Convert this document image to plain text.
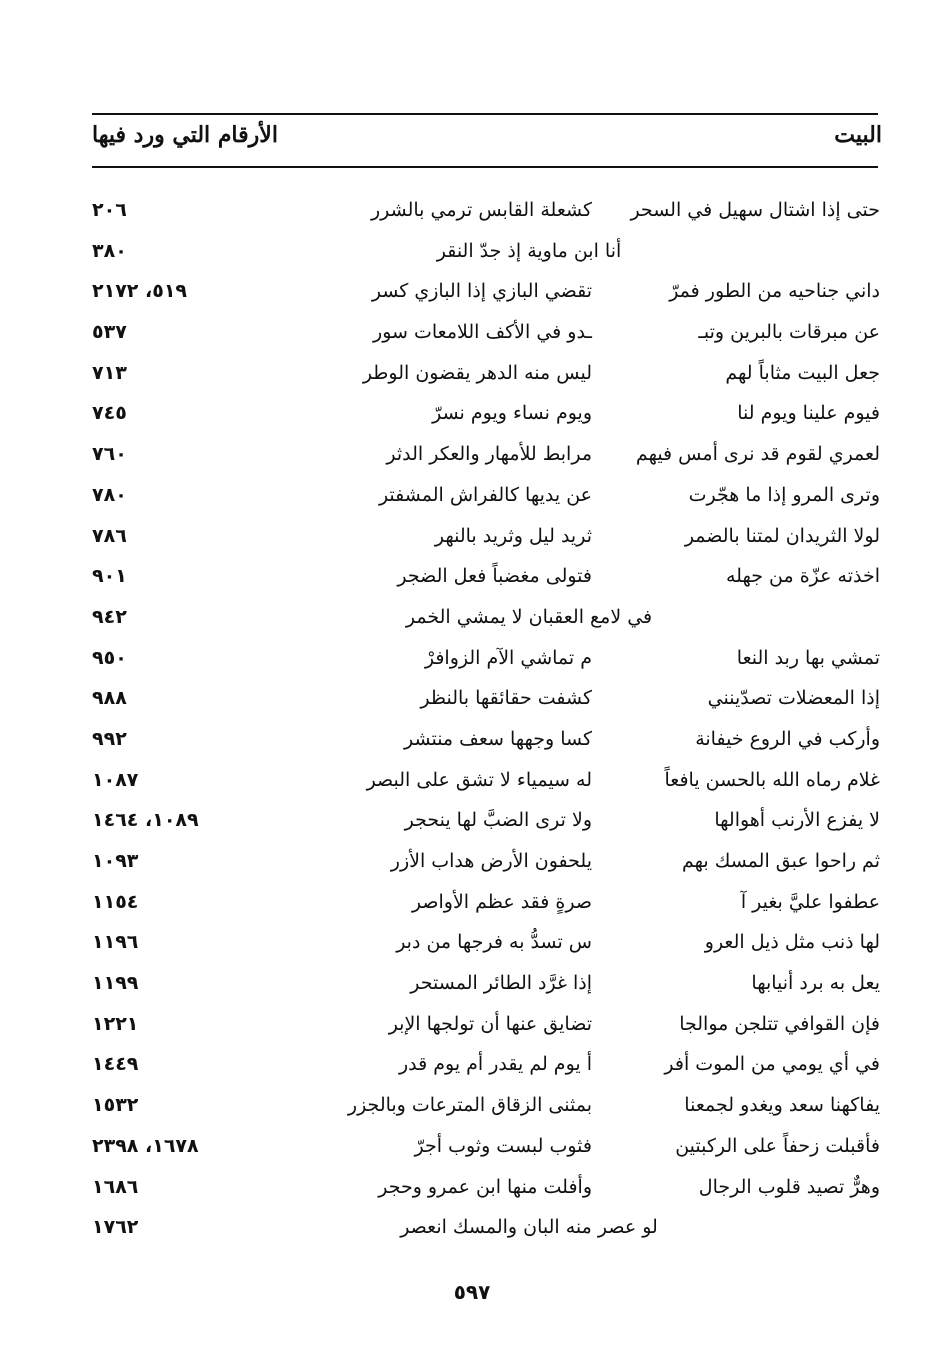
البيت
الأرقام التي ورد فيها
حتى إذا اشتال سهيل في السحر
كشعلة القابس ترمي بالشرر
٢٠٦
أنا ابن ماوية إذ جدّ النقر
٣٨٠
داني جناحيه من الطور فمرّ
تقضي البازي إذا البازي كسر
٥١٩، ٢١٧٢
عن مبرقات بالبرين وتبـ
ـدو في الأكف اللامعات سور
٥٣٧
جعل البيت مثاباً لهم
ليس منه الدهر يقضون الوطر
٧١٣
فيوم علينا ويوم لنا
ويوم نساء ويوم نسرّ
٧٤٥
لعمري لقوم قد نرى أمس فيهم
مرابط للأمهار والعكر الدثر
٧٦٠
وترى المرو إذا ما هجّرت
عن يديها كالفراش المشفتر
٧٨٠
لولا الثريدان لمتنا بالضمر
ثريد ليل وثريد بالنهر
٧٨٦
اخذته عزّة من جهله
فتولى مغضباً فعل الضجر
٩٠١
في لامع العقبان لا يمشي الخمر
٩٤٢
تمشي بها ربد النعا
م تماشي الآم الزوافرْ
٩٥٠
إذا المعضلات تصدّينني
كشفت حقائقها بالنظر
٩٨٨
وأركب في الروع خيفانة
كسا وجهها سعف منتشر
٩٩٢
غلام رماه الله بالحسن يافعاً
له سيمياء لا تشق على البصر
١٠٨٧
لا يفزع الأرنب أهوالها
ولا ترى الضبَّ لها ينحجر
١٠٨٩، ١٤٦٤
ثم راحوا عبق المسك بهم
يلحفون الأرض هداب الأزر
١٠٩٣
عطفوا عليَّ بغير آ
صرةٍ فقد عظم الأواصر
١١٥٤
لها ذنب مثل ذيل العرو
س تسدُّ به فرجها من دبر
١١٩٦
يعل به برد أنيابها
إذا غرَّد الطائر المستحر
١١٩٩
فإن القوافي تتلجن موالجا
تضايق عنها أن تولجها الإبر
١٢٢١
في أي يومي من الموت أفر
أ يوم لم يقدر أم يوم قدر
١٤٤٩
يفاكهنا سعد ويغدو لجمعنا
بمثنى الزقاق المترعات وبالجزر
١٥٣٢
فأقبلت زحفاً على الركبتين
فثوب لبست وثوب أجرّ
١٦٧٨، ٢٣٩٨
وهرٌّ تصيد قلوب الرجال
وأفلت منها ابن عمرو وحجر
١٦٨٦
لو عصر منه البان والمسك انعصر
١٧٦٢
٥٩٧
